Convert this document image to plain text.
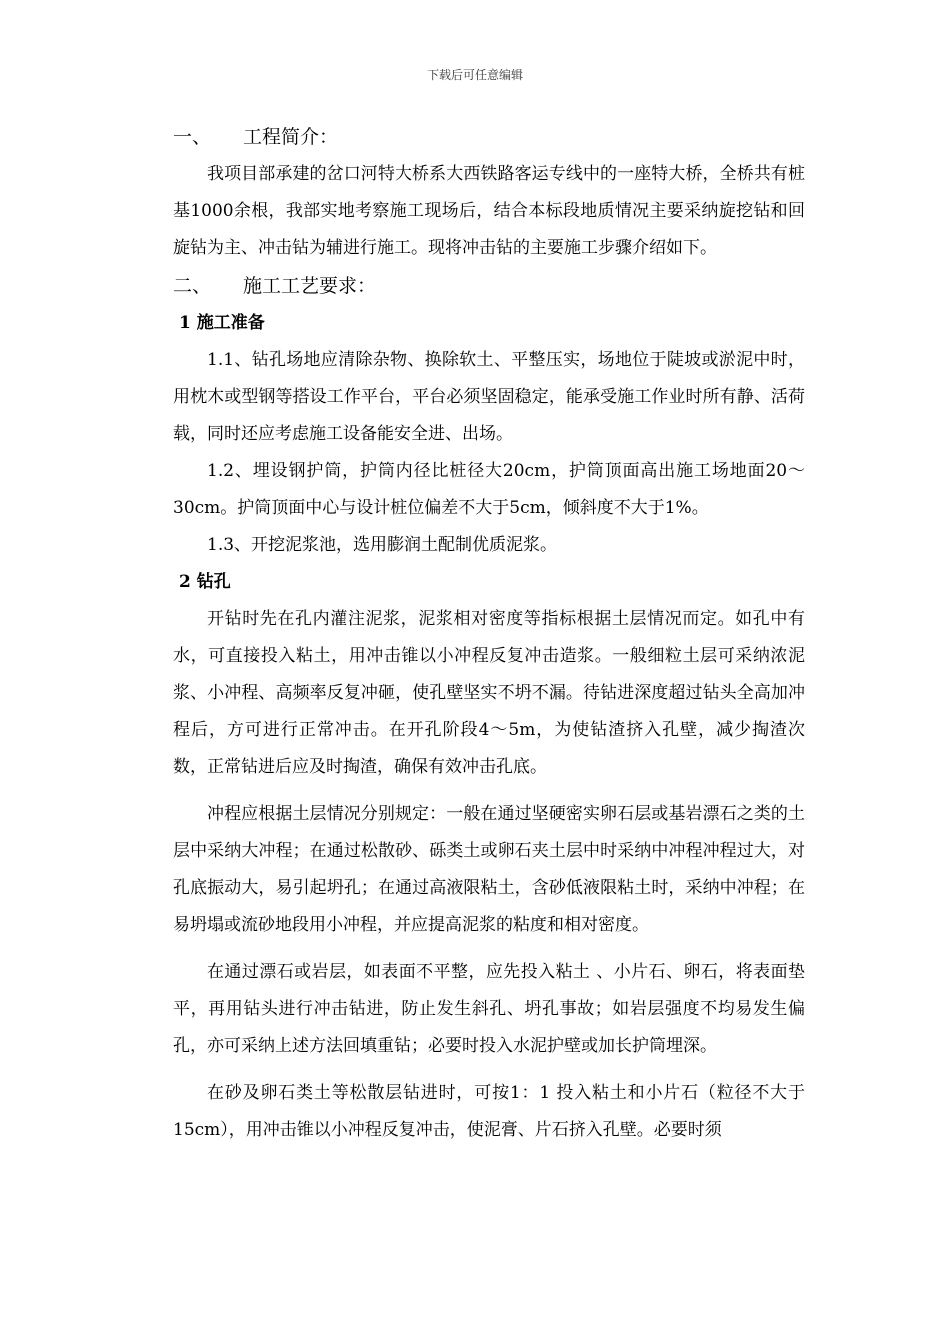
下载后可任意编辑
一、 工程简介：

我项目部承建的岔口河特大桥系大西铁路客运专线中的一座特大桥，全桥共有桩基1000余根，我部实地考察施工现场后，结合本标段地质情况主要采纳旋挖钻和回旋钻为主、冲击钻为辅进行施工。现将冲击钻的主要施工步骤介绍如下。

二、 施工工艺要求：
1 施工准备

1.1、钻孔场地应清除杂物、换除软土、平整压实，场地位于陡坡或淤泥中时，用枕木或型钢等搭设工作平台，平台必须坚固稳定，能承受施工作业时所有静、活荷载，同时还应考虑施工设备能安全进、出场。

1.2、埋设钢护筒，护筒内径比桩径大20cm，护筒顶面高出施工场地面20～30cm。护筒顶面中心与设计桩位偏差不大于5cm，倾斜度不大于1%。

1.3、开挖泥浆池，选用膨润土配制优质泥浆。

2 钻孔

开钻时先在孔内灌注泥浆，泥浆相对密度等指标根据土层情况而定。如孔中有水，可直接投入粘土，用冲击锥以小冲程反复冲击造浆。一般细粒土层可采纳浓泥浆、小冲程、高频率反复冲砸，使孔壁坚实不坍不漏。待钻进深度超过钻头全高加冲程后，方可进行正常冲击。在开孔阶段4～5m，为使钻渣挤入孔壁，减少掏渣次数，正常钻进后应及时掏渣，确保有效冲击孔底。

冲程应根据土层情况分别规定：一般在通过坚硬密实卵石层或基岩漂石之类的土层中采纳大冲程；在通过松散砂、砾类土或卵石夹土层中时采纳中冲程冲程过大，对孔底振动大，易引起坍孔；在通过高液限粘土，含砂低液限粘土时，采纳中冲程；在易坍塌或流砂地段用小冲程，并应提高泥浆的粘度和相对密度。

在通过漂石或岩层，如表面不平整，应先投入粘土 、小片石、卵石，将表面垫平，再用钻头进行冲击钻进，防止发生斜孔、坍孔事故；如岩层强度不均易发生偏孔，亦可采纳上述方法回填重钻；必要时投入水泥护壁或加长护筒埋深。

在砂及卵石类土等松散层钻进时，可按1：1 投入粘土和小片石（粒径不大于15cm），用冲击锥以小冲程反复冲击，使泥膏、片石挤入孔壁。必要时须
